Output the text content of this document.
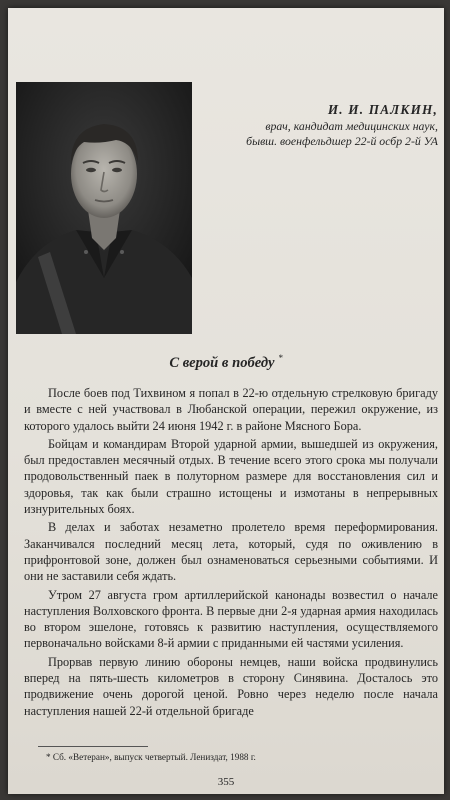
И. И. ПАЛКИН,
врач, кандидат медицинских наук,
бывш. военфельдшер 22-й осбр 2-й УА
С верой в победу *

После боев под Тихвином я попал в 22-ю отдельную стрелковую бригаду и вместе с ней участвовал в Любанской операции, пережил окружение, из которого удалось выйти 24 июня 1942 г. в районе Мясного Бора.

Бойцам и командирам Второй ударной армии, вышедшей из окружения, был предоставлен месячный отдых. В течение всего этого срока мы получали продовольственный паек в полуторном размере для восстановления сил и здоровья, так как были страшно истощены и измотаны в непрерывных изнурительных боях.

В делах и заботах незаметно пролетело время переформирования. Заканчивался последний месяц лета, который, судя по оживлению в прифронтовой зоне, должен был ознаменоваться серьезными событиями. И они не заставили себя ждать.

Утром 27 августа гром артиллерийской канонады возвестил о начале наступления Волховского фронта. В первые дни 2-я ударная армия находилась во втором эшелоне, готовясь к развитию наступления, осуществляемого первоначально войсками 8-й армии с приданными ей частями усиления.

Прорвав первую линию обороны немцев, наши войска продвинулись вперед на пять-шесть километров в сторону Синявина. Досталось это продвижение очень дорогой ценой. Ровно через неделю после начала наступления нашей 22-й отдельной бригаде

* Сб. «Ветеран», выпуск четвертый. Лениздат, 1988 г.
355
